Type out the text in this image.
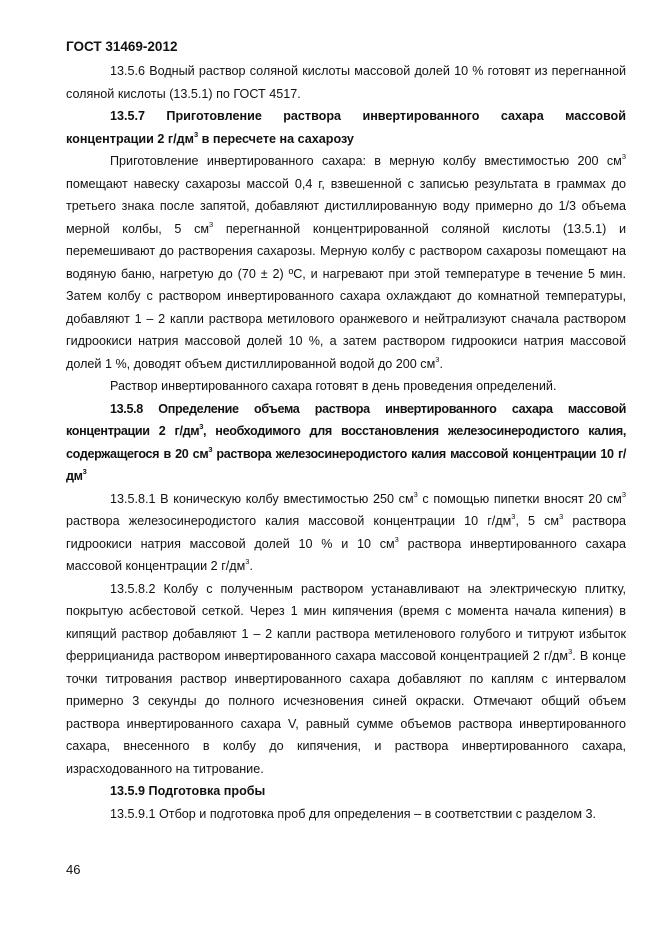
ГОСТ 31469-2012

13.5.6 Водный раствор соляной кислоты массовой долей 10 % готовят из перегнанной соляной кислоты (13.5.1) по ГОСТ 4517.

13.5.7 Приготовление раствора инвертированного сахара массовой концентрации 2 $г/дм^3$ в пересчете на сахарозу

Приготовление инвертированного сахара: в мерную колбу вместимостью 200 $см^3$ помещают навеску сахарозы массой 0,4 г, взвешенной с записью результата в граммах до третьего знака после запятой, добавляют дистиллированную воду примерно до 1/3 объема мерной колбы, 5 $см^3$ перегнанной концентрированной соляной кислоты (13.5.1) и перемешивают до растворения сахарозы. Мерную колбу с раствором сахарозы помещают на водяную баню, нагретую до (70 ± 2) ºС, и нагревают при этой температуре в течение 5 мин. Затем колбу с раствором инвертированного сахара охлаждают до комнатной температуры, добавляют 1 – 2 капли раствора метилового оранжевого и нейтрализуют сначала раствором гидроокиси натрия массовой долей 10 %, а затем раствором гидроокиси натрия массовой долей 1 %, доводят объем дистиллированной водой до 200 $см^3$.

Раствор инвертированного сахара готовят в день проведения определений.

13.5.8 Определение объема раствора инвертированного сахара массовой концентрации 2 $г/дм^3$, необходимого для восстановления железосинеродистого калия, содержащегося в 20 $см^3$ раствора железосинеродистого калия массовой концентрации 10 $г/дм^3$

13.5.8.1 В коническую колбу вместимостью 250 $см^3$ с помощью пипетки вносят 20 $см^3$ раствора железосинеродистого калия массовой концентрации 10 $г/дм^3$, 5 $см^3$ раствора гидроокиси натрия массовой долей 10 % и 10 $см^3$ раствора инвертированного сахара массовой концентрации 2 $г/дм^3$.

13.5.8.2 Колбу с полученным раствором устанавливают на электрическую плитку, покрытую асбестовой сеткой. Через 1 мин кипячения (время с момента начала кипения) в кипящий раствор добавляют 1 – 2 капли раствора метиленового голубого и титруют избыток феррицианида раствором инвертированного сахара массовой концентрацией 2 $г/дм^3$. В конце точки титрования раствор инвертированного сахара добавляют по каплям с интервалом примерно 3 секунды до полного исчезновения синей окраски. Отмечают общий объем раствора инвертированного сахара V, равный сумме объемов раствора инвертированного сахара, внесенного в колбу до кипячения, и раствора инвертированного сахара, израсходованного на титрование.

13.5.9 Подготовка пробы

13.5.9.1 Отбор и подготовка проб для определения – в соответствии с разделом 3.

46
